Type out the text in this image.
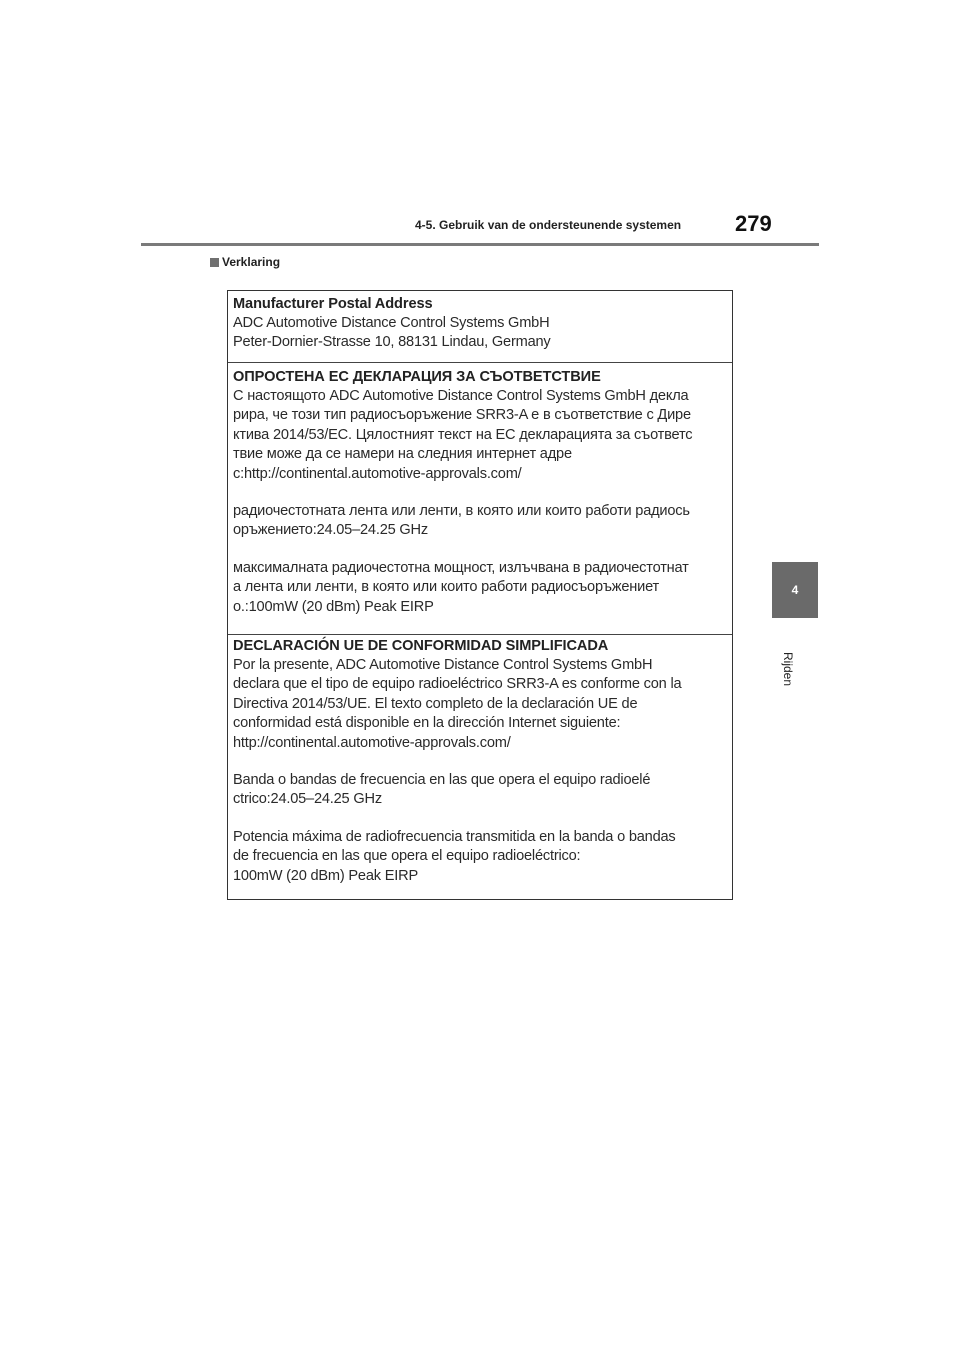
4-5. Gebruik van de ondersteunende systemen 279
Verklaring
4
Rijden
Manufacturer Postal Address
ADC Automotive Distance Control Systems GmbH
Peter-Dornier-Strasse 10, 88131 Lindau, Germany
ОПРОСТЕНА ЕС ДЕКЛАРАЦИЯ ЗА СЪОТВЕТСТВИЕ
С настоящото ADC Automotive Distance Control Systems GmbH декла
рира, че този тип радиосъоръжение SRR3-A е в съответствие с Дире
ктива 2014/53/ЕС. Цялостният текст на ЕС декларацията за съответс
твие може да се намери на следния интернет адре
c:http://continental.automotive-approvals.com/
радиочестотната лента или ленти, в която или които работи радиось
оръжението:24.05–24.25 GHz
максималната радиочестотна мощност, излъчвана в радиочестотнат
а лента или ленти, в която или които работи радиосъоръжениет
о.:100mW (20 dBm) Peak EIRP
DECLARACIÓN UE DE CONFORMIDAD SIMPLIFICADA
Por la presente, ADC Automotive Distance Control Systems GmbH
declara que el tipo de equipo radioeléctrico SRR3-A es conforme con la
Directiva 2014/53/UE. El texto completo de la declaración UE de
conformidad está disponible en la dirección Internet siguiente:
http://continental.automotive-approvals.com/
Banda o bandas de frecuencia en las que opera el equipo radioelé
ctrico:24.05–24.25 GHz
Potencia máxima de radiofrecuencia transmitida en la banda o bandas
de frecuencia en las que opera el equipo radioeléctrico:
100mW (20 dBm) Peak EIRP
